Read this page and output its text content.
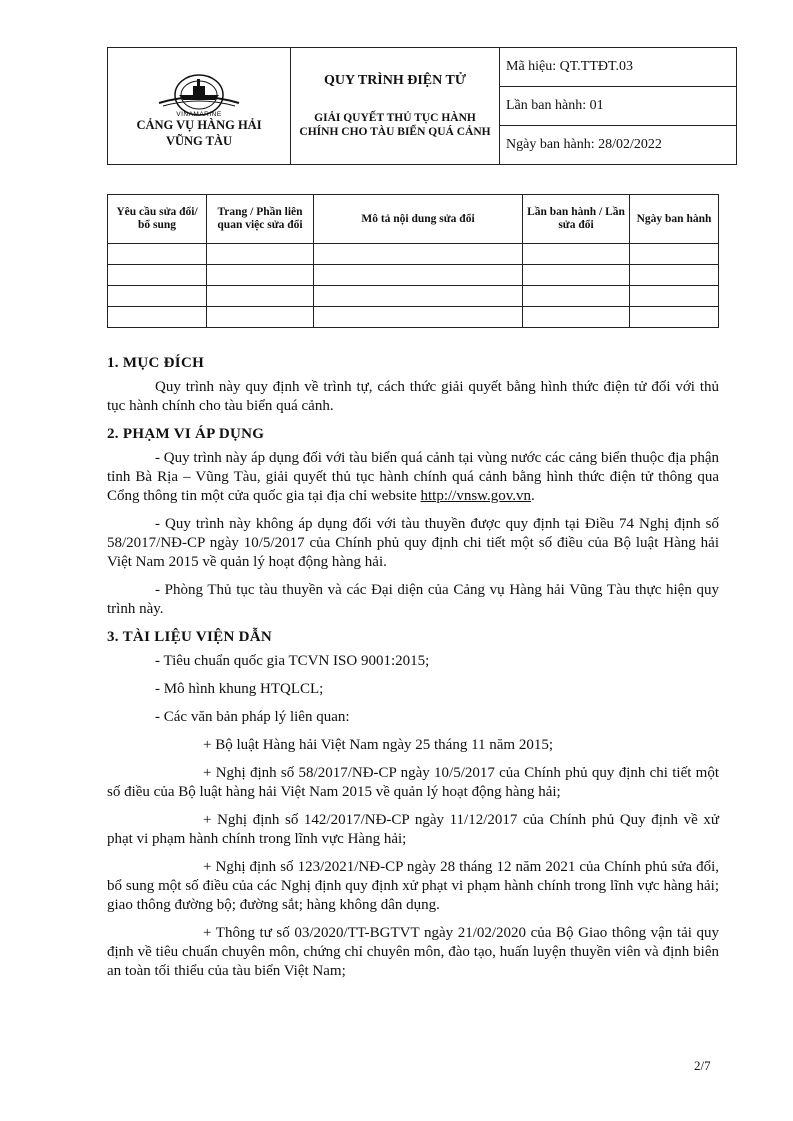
VINAMARINE
CẢNG VỤ HÀNG HẢI
VŨNG TÀU

QUY TRÌNH ĐIỆN TỬ
GIẢI QUYẾT THỦ TỤC HÀNH
CHÍNH CHO TÀU BIỂN QUÁ CẢNH
	Mã hiệu: QT.TTĐT.03
Lần ban hành: 01
Ngày ban hành: 28/02/2022
Yêu cầu sửa đổi/ bổ sung	Trang / Phần liên quan việc sửa đổi	Mô tả nội dung sửa đổi	Lần ban hành / Lần sửa đổi	Ngày ban hành

1. MỤC ĐÍCH

Quy trình này quy định về trình tự, cách thức giải quyết bằng hình thức điện tử đối với thủ tục hành chính cho tàu biển quá cảnh.

2. PHẠM VI ÁP DỤNG

- Quy trình này áp dụng đối với tàu biển quá cảnh tại vùng nước các cảng biển thuộc địa phận tỉnh Bà Rịa – Vũng Tàu, giải quyết thủ tục hành chính quá cảnh bằng hình thức điện tử thông qua Cổng thông tin một cửa quốc gia tại địa chỉ website http://vnsw.gov.vn.

- Quy trình này không áp dụng đối với tàu thuyền được quy định tại Điều 74 Nghị định số 58/2017/NĐ-CP ngày 10/5/2017 của Chính phủ quy định chi tiết một số điều của Bộ luật Hàng hải Việt Nam 2015 về quản lý hoạt động hàng hải.

- Phòng Thủ tục tàu thuyền và các Đại diện của Cảng vụ Hàng hải Vũng Tàu thực hiện quy trình này.

3. TÀI LIỆU VIỆN DẪN

- Tiêu chuẩn quốc gia TCVN ISO 9001:2015;

- Mô hình khung HTQLCL;

- Các văn bản pháp lý liên quan:

+ Bộ luật Hàng hải Việt Nam ngày 25 tháng 11 năm 2015;

+ Nghị định số 58/2017/NĐ-CP ngày 10/5/2017 của Chính phủ quy định chi tiết một số điều của Bộ luật hàng hải Việt Nam 2015 về quản lý hoạt động hàng hải;

+ Nghị định số 142/2017/NĐ-CP ngày 11/12/2017 của Chính phủ Quy định về xử phạt vi phạm hành chính trong lĩnh vực Hàng hải;

+ Nghị định số 123/2021/NĐ-CP ngày 28 tháng 12 năm 2021 của Chính phủ sửa đổi, bổ sung một số điều của các Nghị định quy định xử phạt vi phạm hành chính trong lĩnh vực hàng hải; giao thông đường bộ; đường sắt; hàng không dân dụng.

+ Thông tư số 03/2020/TT-BGTVT ngày 21/02/2020 của Bộ Giao thông vận tải quy định về tiêu chuẩn chuyên môn, chứng chỉ chuyên môn, đào tạo, huấn luyện thuyền viên và định biên an toàn tối thiểu của tàu biển Việt Nam;

2/7
